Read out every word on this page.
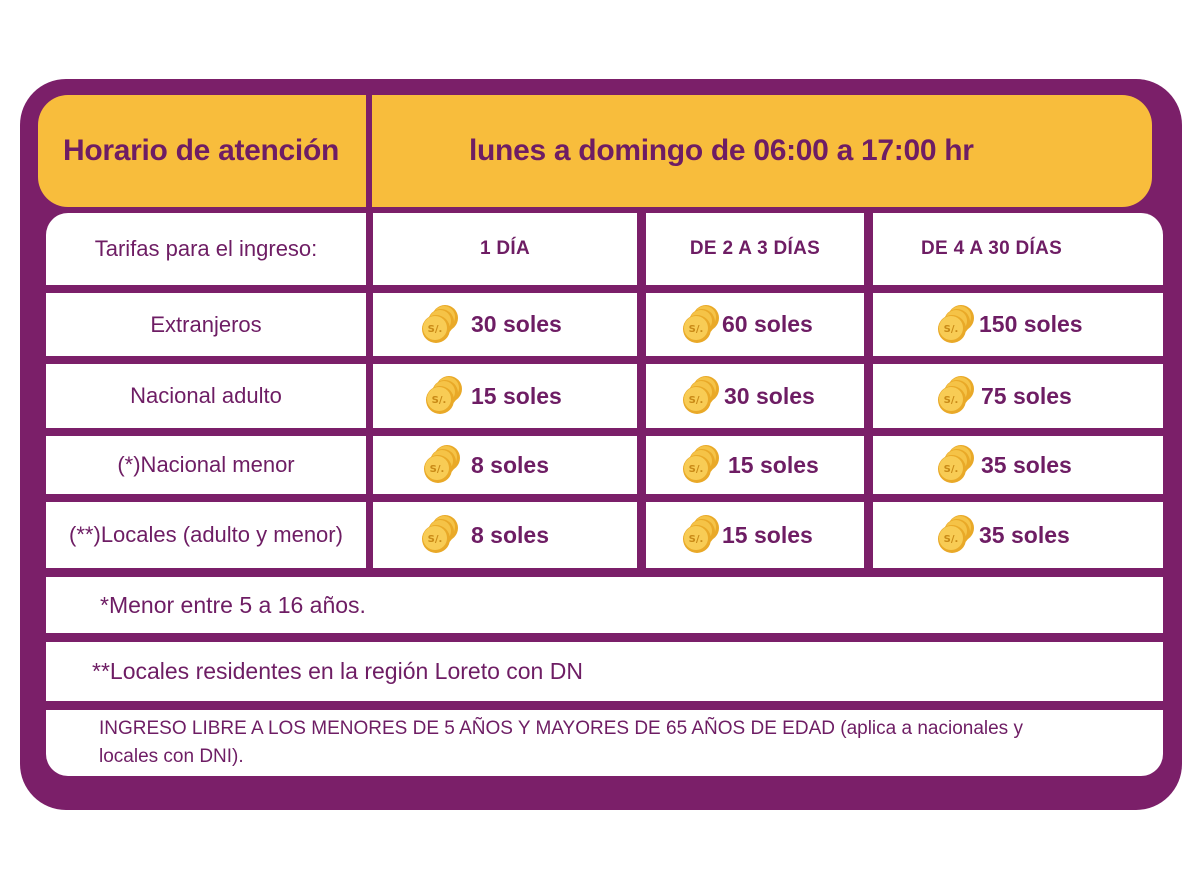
Horario de atención	lunes a domingo de 06:00 a 17:00 hr
Tarifas para el ingreso:	1 DÍA	DE 2 A 3 DÍAS	DE 4 A 30 DÍAS
Extranjeros	30 soles	60 soles	150 soles
Nacional adulto	15 soles	30 soles	75 soles
(*)Nacional menor	8 soles	15 soles	35 soles
(**)Locales (adulto y menor)	8 soles	15 soles	35 soles
*Menor entre 5 a 16 años.
**Locales residentes en la región Loreto con DN
INGRESO LIBRE A LOS MENORES DE 5 AÑOS Y MAYORES DE 65 AÑOS DE EDAD (aplica a nacionales y locales con DNI).
